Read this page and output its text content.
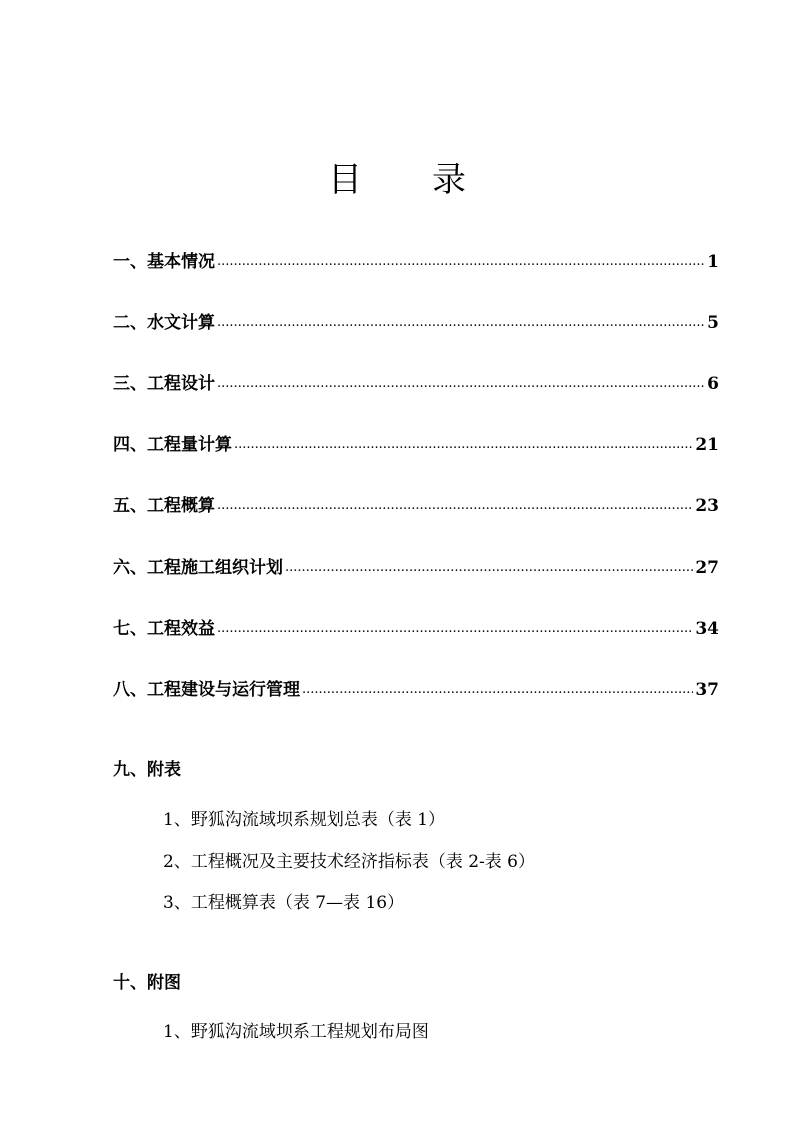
目 录
一、基本情况 .....	1
二、水文计算 .....	5
三、工程设计 .....	6
四、工程量计算 .....	21
五、工程概算 .....	23
六、工程施工组织计划 .....	27
七、工程效益 .....	34
八、工程建设与运行管理 .....	37
九、附表
1、野狐沟流域坝系规划总表（表 1）
2、工程概况及主要技术经济指标表（表 2-表 6）
3、工程概算表（表 7—表 16）
十、附图
1、野狐沟流域坝系工程规划布局图
